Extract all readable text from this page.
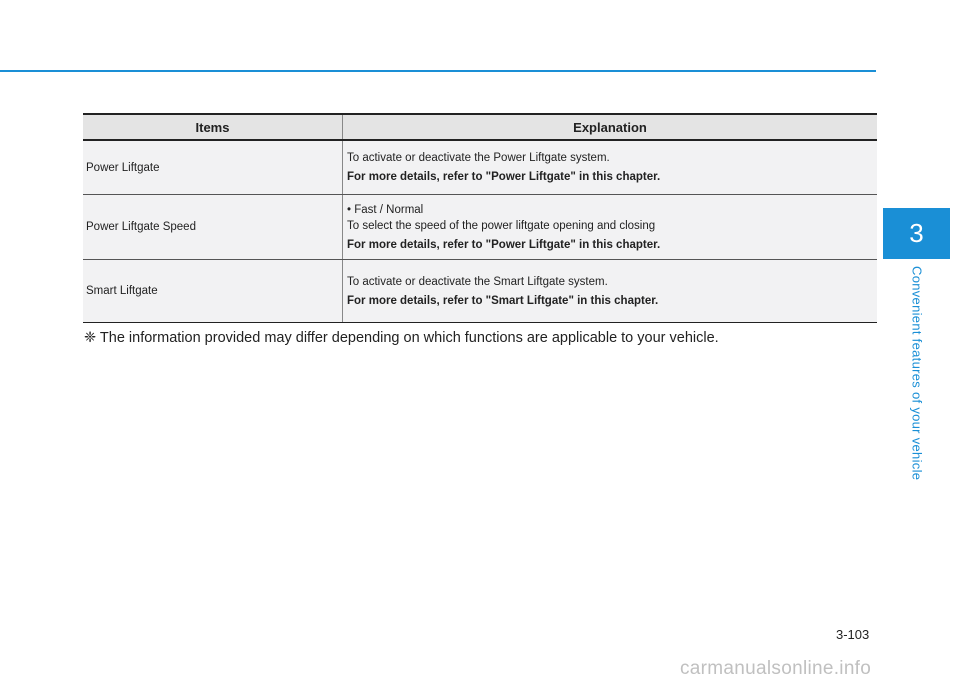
3
Convenient features of your vehicle
Items	Explanation
Power Liftgate	To activate or deactivate the Power Liftgate system.
For more details, refer to "Power Liftgate" in this chapter.

Power Liftgate Speed	• Fast / Normal
To select the speed of the power liftgate opening and closing
For more details, refer to "Power Liftgate" in this chapter.

Smart Liftgate	To activate or deactivate the Smart Liftgate system.
For more details, refer to "Smart Liftgate" in this chapter.
❈ The information provided may differ depending on which functions are applicable to your vehicle.
3-103
carmanualsonline.info
